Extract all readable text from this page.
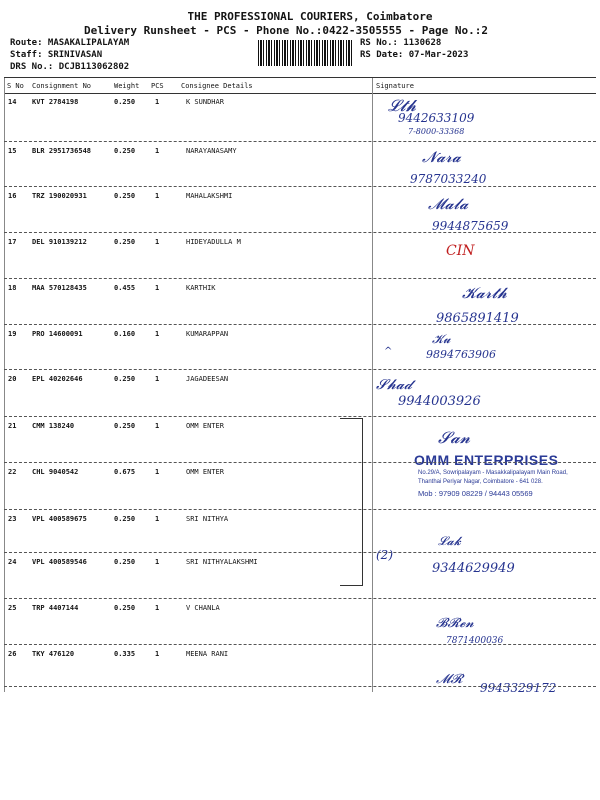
THE PROFESSIONAL COURIERS, Coimbatore
Delivery Runsheet - PCS - Phone No.:0422-3505555 - Page No.:2
Route: MASAKALIPALAYAM
Staff: SRINIVASAN
DRS No.: DCJB113062802
RS No.: 1130628
RS Date: 07-Mar-2023
S No Consignment No	Weight PCS Consignee Details	Signature
14 KVT 2784198	0.250	1	K SUNDHAR
15 BLR 2951736548	0.250	1	NARAYANASAMY
16 TRZ 190020931	0.250	1	MAHALAKSHMI
17 DEL 910139212	0.250	1	HIDEYADULLA M
18 MAA 570128435	0.455	1	KARTHIK
19 PRO 14600091	0.160	1	KUMARAPPAN
20 EPL 40202646	0.250	1	JAGADEESAN
21 CMM 138240	0.250	1	OMM ENTER
22 CHL 9040542	0.675	1	OMM ENTER
23 VPL 400589675	0.250	1	SRI NITHYA
24 VPL 400589546	0.250	1	SRI NITHYALAKSHMI
25 TRP 4407144	0.250	1	V CHANLA
26 TKY 476120	0.335	1	MEENA RANI
𝓛𝓽𝓱
9442633109
7-8000-33368
𝓝𝓪𝓻𝓪
9787033240
𝓜𝓪𝓵𝓪
9944875659
CIN
𝓚𝓪𝓻𝓽𝓱
9865891419
𝓚𝓾
^	9894763906
𝓢𝓱𝓪𝓭
9944003926
OMM ENTERPRISES
No.29/A, Sowripalayam - Masakkalipalayam Main Road,
Thanthai Periyar Nagar, Coimbatore - 641 028.
Mob : 97909 08229 / 94443 05569
𝓢𝓪𝓷
𝓛𝓪𝓴
(2)
9344629949
𝓑𝓡𝓮𝓷
7871400036
𝓜𝓡
9943329172
